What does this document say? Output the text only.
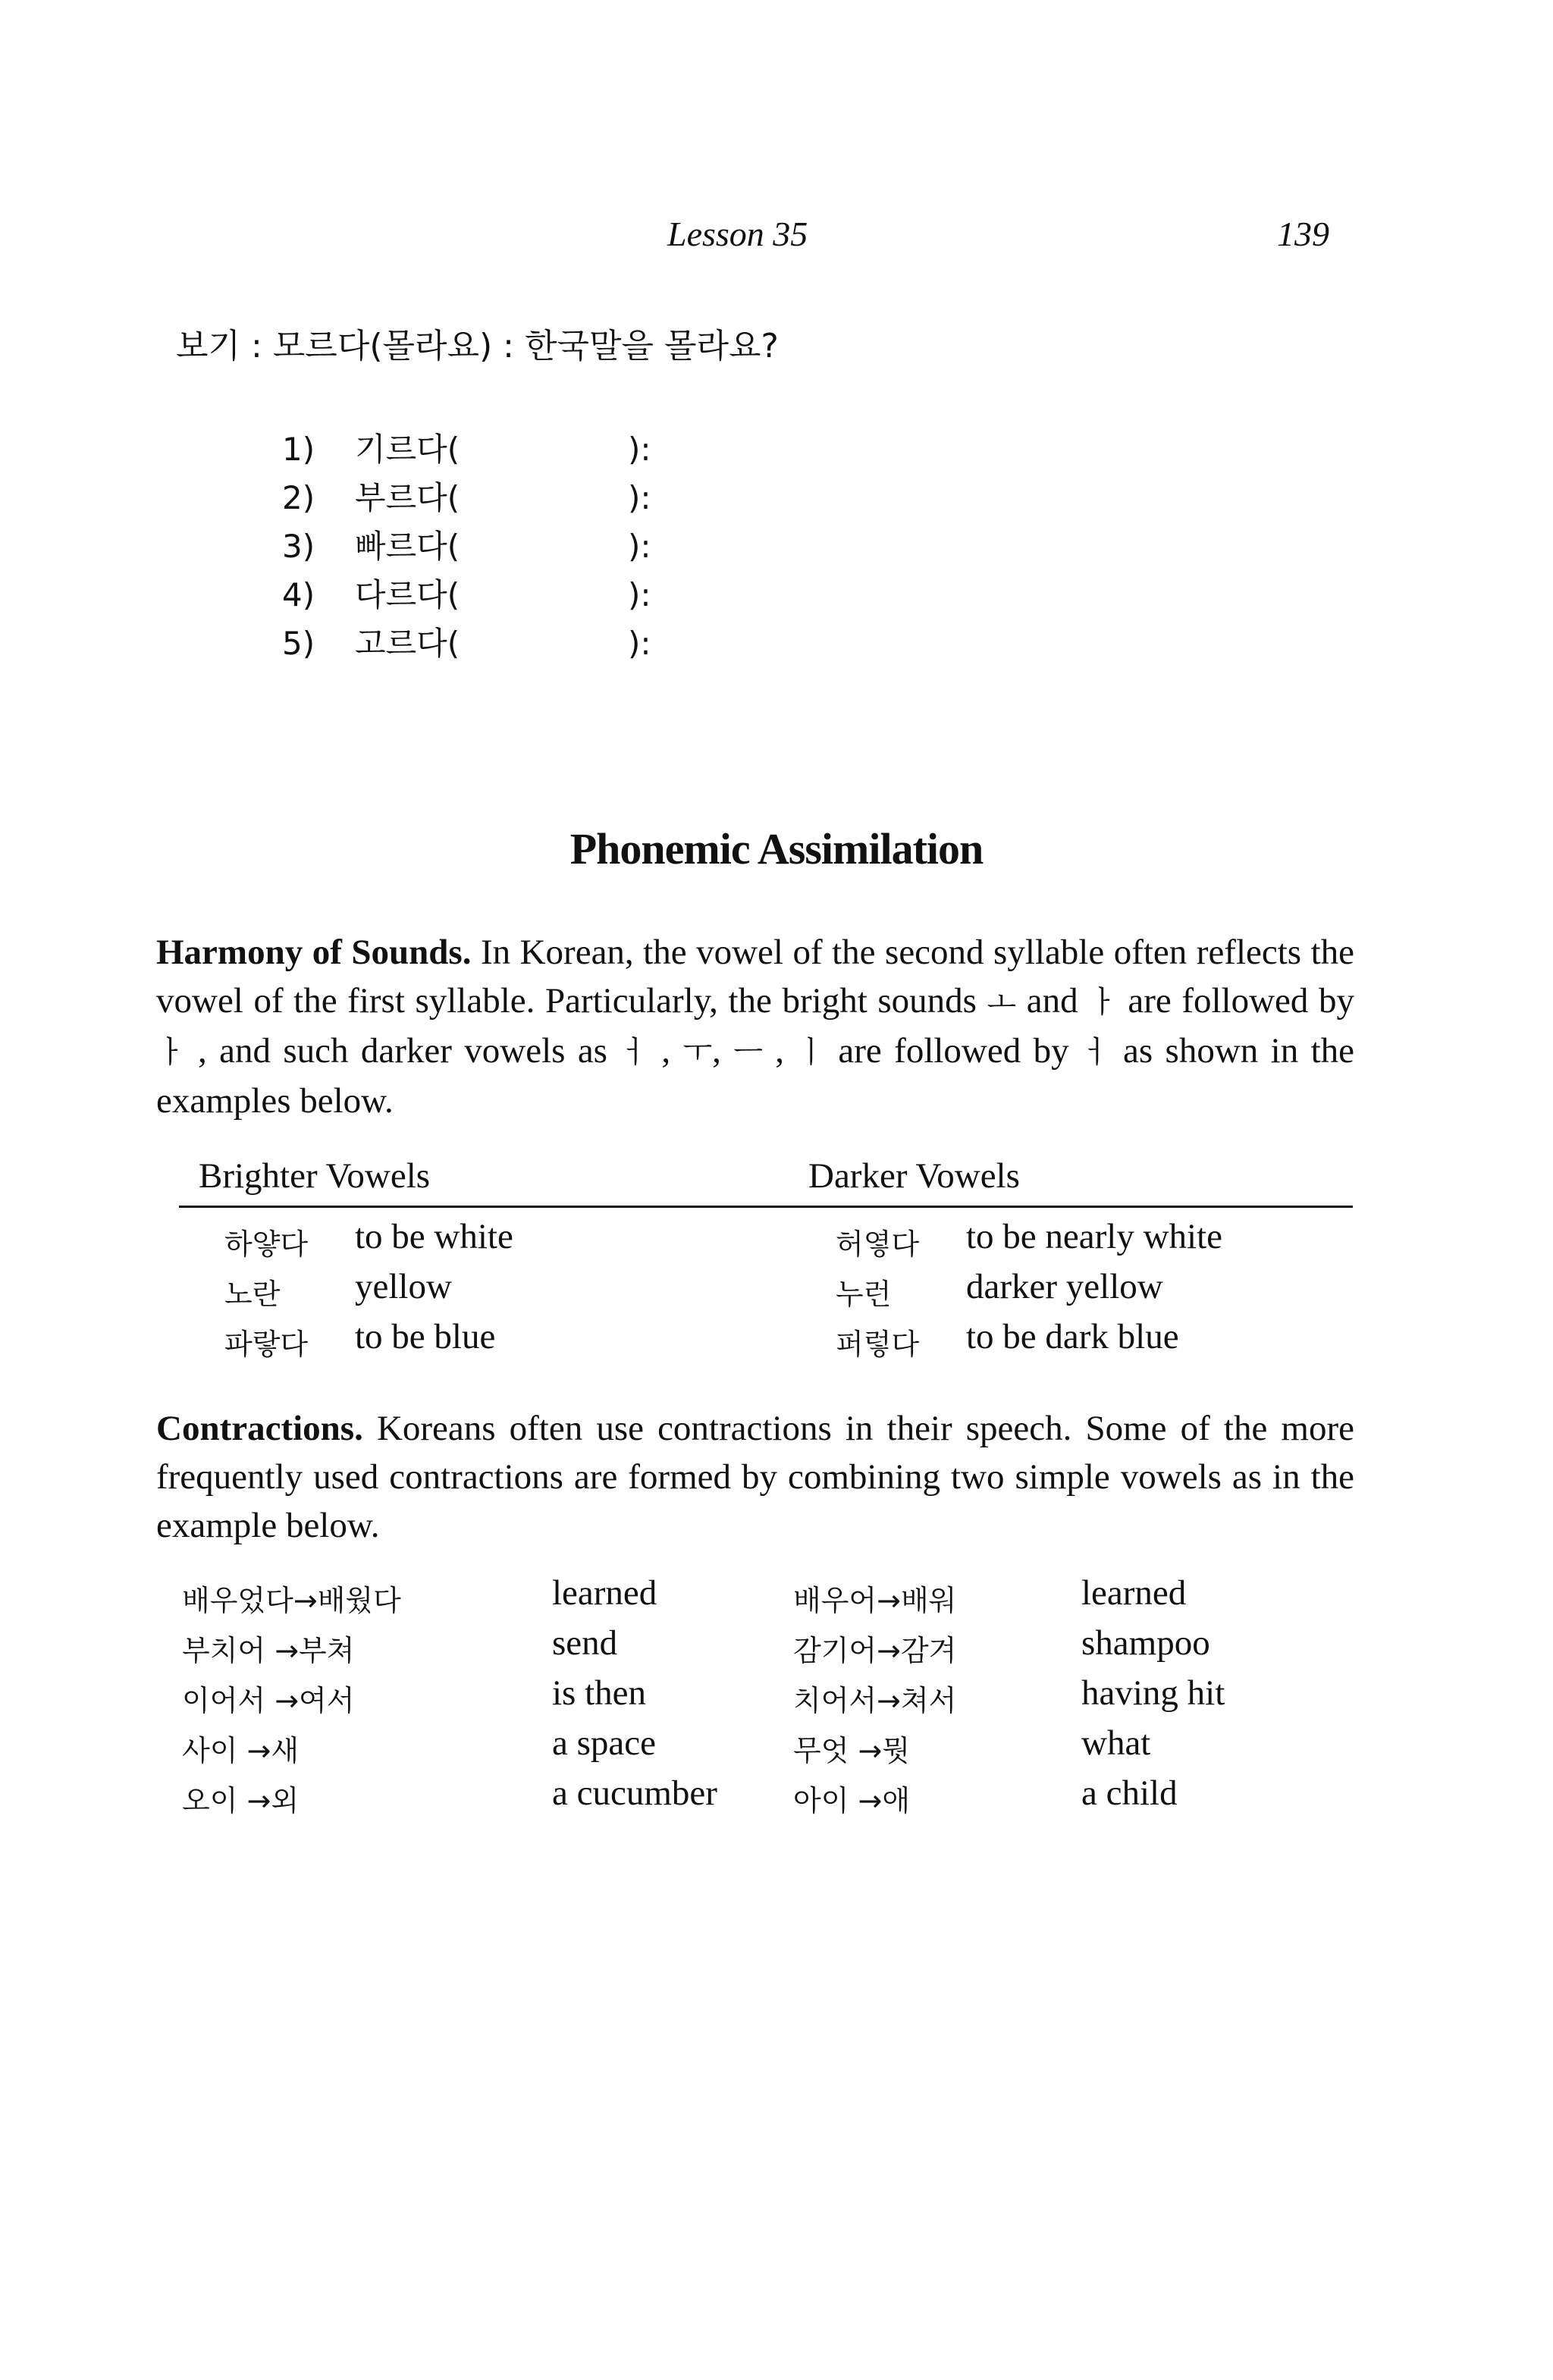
Lesson 35	139
보기 : 모르다(몰라요) : 한국말을 몰라요?
1) 기르다(	):
2) 부르다(	):
3) 빠르다(	):
4) 다르다(	):
5) 고르다(	):
Phonemic Assimilation
Harmony of Sounds. In Korean, the vowel of the second syllable often reflects the vowel of the first syllable. Particularly, the bright sounds ㅗ and ㅏ are followed by ㅏ , and such darker vowels as ㅓ , ㅜ, ㅡ , ㅣ are followed by ㅓ as shown in the examples below.
Brighter Vowels	Darker Vowels
하얗다 to be white	허옇다 to be nearly white
노란 yellow	누런 darker yellow
파랗다 to be blue	퍼렇다 to be dark blue
Contractions. Koreans often use contractions in their speech. Some of the more frequently used contractions are formed by combining two simple vowels as in the example below.
배우었다→배웠다	learned	배우어→배워	learned
부치어 →부쳐	send	감기어→감겨	shampoo
이어서 →여서	is then	치어서→쳐서	having hit
사이 →새	a space	무엇 →뭣	what
오이 →외	a cucumber	아이 →애	a child
